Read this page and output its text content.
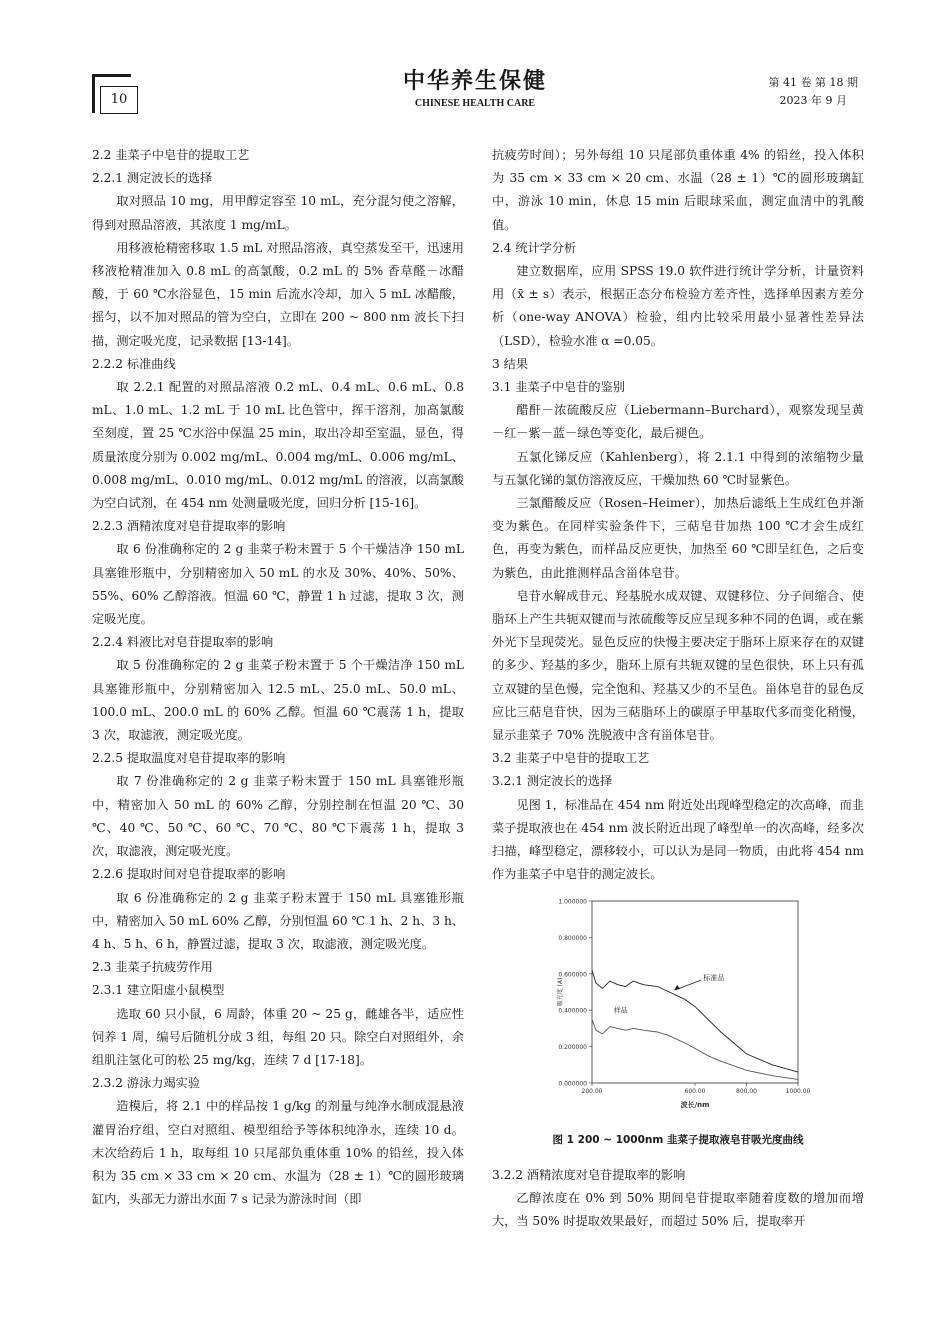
10
中华养生保健
CHINESE HEALTH CARE
第 41 卷 第 18 期
2023 年 9 月

2.2 韭菜子中皂苷的提取工艺

2.2.1 测定波长的选择

取对照品 10 mg，用甲醇定容至 10 mL，充分混匀使之溶解，得到对照品溶液，其浓度 1 mg/mL。

用移液枪精密移取 1.5 mL 对照品溶液，真空蒸发至干，迅速用移液枪精准加入 0.8 mL 的高氯酸，0.2 mL 的 5% 香草醛－冰醋酸，于 60 ℃水浴显色，15 min 后流水冷却，加入 5 mL 冰醋酸，摇匀，以不加对照品的管为空白，立即在 200 ~ 800 nm 波长下扫描，测定吸光度，记录数据 [13-14]。

2.2.2 标准曲线

取 2.2.1 配置的对照品溶液 0.2 mL、0.4 mL、0.6 mL、0.8 mL、1.0 mL、1.2 mL 于 10 mL 比色管中，挥干溶剂，加高氯酸至刻度，置 25 ℃水浴中保温 25 min，取出冷却至室温，显色，得质量浓度分别为 0.002 mg/mL、0.004 mg/mL、0.006 mg/mL、0.008 mg/mL、0.010 mg/mL、0.012 mg/mL 的溶液，以高氯酸为空白试剂，在 454 nm 处测量吸光度，回归分析 [15-16]。

2.2.3 酒精浓度对皂苷提取率的影响

取 6 份准确称定的 2 g 韭菜子粉末置于 5 个干燥洁净 150 mL 具塞锥形瓶中，分别精密加入 50 mL 的水及 30%、40%、50%、55%、60% 乙醇溶液。恒温 60 ℃，静置 1 h 过滤，提取 3 次，测定吸光度。

2.2.4 料液比对皂苷提取率的影响

取 5 份准确称定的 2 g 韭菜子粉末置于 5 个干燥洁净 150 mL 具塞锥形瓶中，分别精密加入 12.5 mL、25.0 mL、50.0 mL、100.0 mL、200.0 mL 的 60% 乙醇。恒温 60 ℃震荡 1 h，提取 3 次，取滤液，测定吸光度。

2.2.5 提取温度对皂苷提取率的影响

取 7 份准确称定的 2 g 韭菜子粉末置于 150 mL 具塞锥形瓶中，精密加入 50 mL 的 60% 乙醇，分别控制在恒温 20 ℃、30 ℃、40 ℃、50 ℃、60 ℃、70 ℃、80 ℃下震荡 1 h，提取 3 次，取滤液，测定吸光度。

2.2.6 提取时间对皂苷提取率的影响

取 6 份准确称定的 2 g 韭菜子粉末置于 150 mL 具塞锥形瓶中，精密加入 50 mL 60% 乙醇，分别恒温 60 ℃ 1 h、2 h、3 h、4 h、5 h、6 h，静置过滤，提取 3 次，取滤液，测定吸光度。

2.3 韭菜子抗疲劳作用

2.3.1 建立阳虚小鼠模型

选取 60 只小鼠，6 周龄，体重 20 ~ 25 g，雌雄各半，适应性饲养 1 周，编号后随机分成 3 组，每组 20 只。除空白对照组外，余组肌注氢化可的松 25 mg/kg，连续 7 d [17-18]。

2.3.2 游泳力竭实验

造模后，将 2.1 中的样品按 1 g/kg 的剂量与纯净水制成混悬液灌胃治疗组，空白对照组、模型组给予等体积纯净水，连续 10 d。末次给药后 1 h，取每组 10 只尾部负重体重 10% 的铅丝，投入体积为 35 cm × 33 cm × 20 cm、水温为（28 ± 1）℃的圆形玻璃缸内，头部无力游出水面 7 s 记录为游泳时间（即

抗疲劳时间）；另外每组 10 只尾部负重体重 4% 的铅丝，投入体积为 35 cm × 33 cm × 20 cm、水温（28 ± 1）℃的圆形玻璃缸中，游泳 10 min，休息 15 min 后眼球采血，测定血清中的乳酸值。

2.4 统计学分析

建立数据库，应用 SPSS 19.0 软件进行统计学分析，计量资料用（x̄ ± s）表示，根据正态分布检验方差齐性，选择单因素方差分析（one-way ANOVA）检验，组内比较采用最小显著性差异法（LSD），检验水准 α =0.05。

3 结果

3.1 韭菜子中皂苷的鉴别

醋酐－浓硫酸反应（Liebermann–Burchard），观察发现呈黄－红－紫－蓝－绿色等变化，最后褪色。

五氯化锑反应（Kahlenberg），将 2.1.1 中得到的浓缩物少量与五氯化锑的氯仿溶液反应，干燥加热 60 ℃时显紫色。

三氯醋酸反应（Rosen–Heimer），加热后滤纸上生成红色并渐变为紫色。在同样实验条件下，三萜皂苷加热 100 ℃才会生成红色，再变为紫色，而样品反应更快，加热至 60 ℃即呈红色，之后变为紫色，由此推测样品含甾体皂苷。

皂苷水解成苷元、羟基脱水成双键、双键移位、分子间缩合、使脂环上产生共轭双键而与浓硫酸等反应呈现多种不同的色调，或在紫外光下呈现荧光。显色反应的快慢主要决定于脂环上原来存在的双键的多少、羟基的多少，脂环上原有共轭双键的呈色很快，环上只有孤立双键的呈色慢，完全饱和、羟基又少的不呈色。甾体皂苷的显色反应比三萜皂苷快，因为三萜脂环上的碳原子甲基取代多而变化稍慢，显示韭菜子 70% 洗脱液中含有甾体皂苷。

3.2 韭菜子中皂苷的提取工艺

3.2.1 测定波长的选择

见图 1，标准品在 454 nm 附近处出现峰型稳定的次高峰，而韭菜子提取液也在 454 nm 波长附近出现了峰型单一的次高峰，经多次扫描，峰型稳定，漂移较小，可以认为是同一物质，由此将 454 nm 作为韭菜子中皂苷的测定波长。

0.000000
0.200000
0.400000
0.600000
0.800000
1.000000
200.00	600.00	800.00	1000.00
波长/nm
吸光度 (A)	标准品
样品
图 1 200 ~ 1000nm 韭菜子提取液皂苷吸光度曲线

3.2.2 酒精浓度对皂苷提取率的影响

乙醇浓度在 0% 到 50% 期间皂苷提取率随着度数的增加而增大，当 50% 时提取效果最好，而超过 50% 后，提取率开
